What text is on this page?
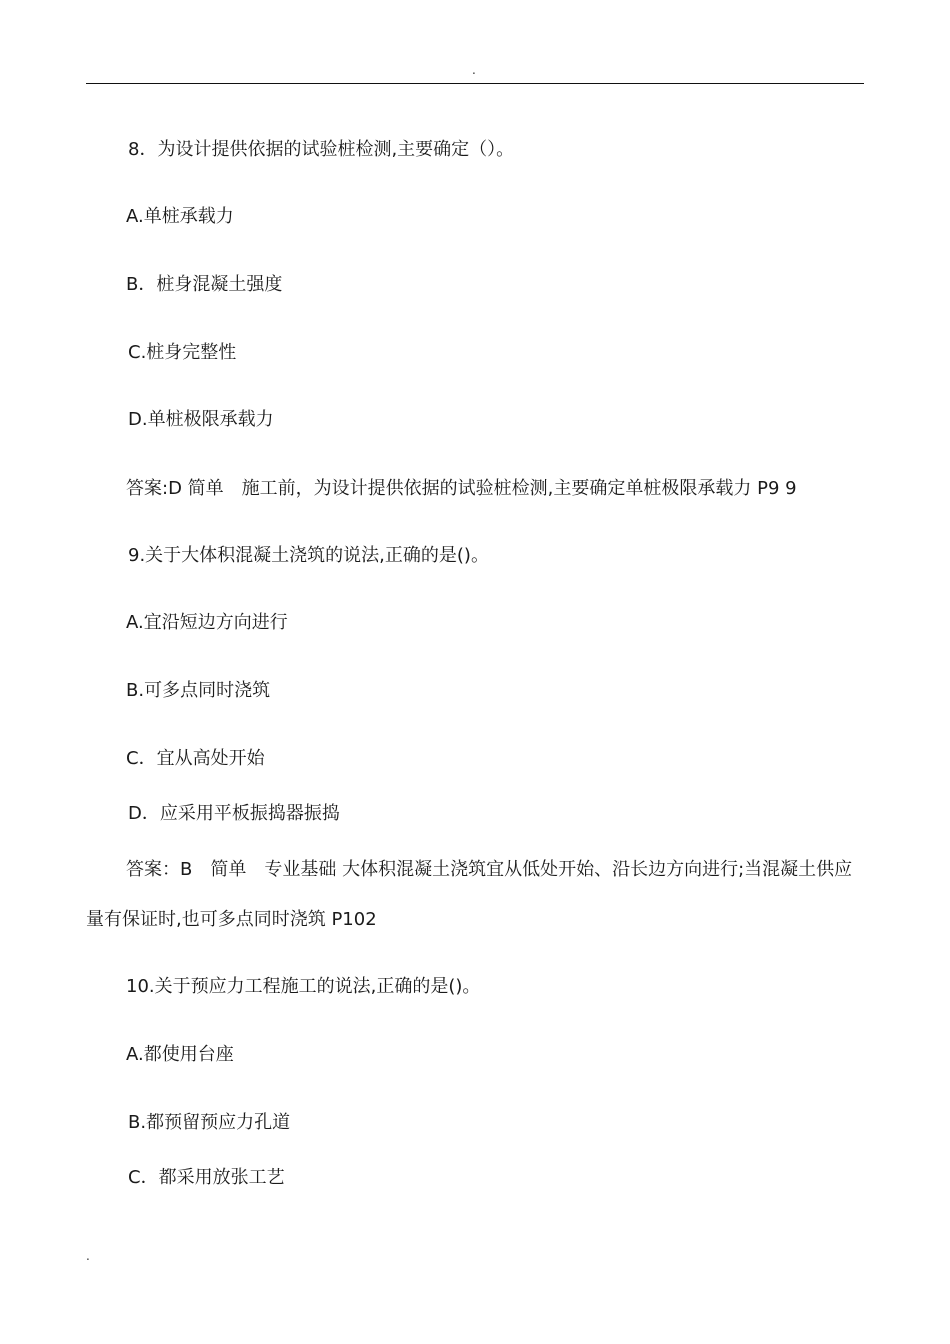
.
8．为设计提供依据的试验桩检测,主要确定（）。
A.单桩承载力
B．桩身混凝土强度
C.桩身完整性
D.单桩极限承载力
答案:D 简单　施工前，为设计提供依据的试验桩检测,主要确定单桩极限承载力 P9 9
9.关于大体积混凝土浇筑的说法,正确的是()。
A.宜沿短边方向进行
B.可多点同时浇筑
C．宜从高处开始
D．应采用平板振捣器振捣
答案：B　简单　专业基础 大体积混凝土浇筑宜从低处开始、沿长边方向进行;当混凝土供应量有保证时,也可多点同时浇筑 P102
10.关于预应力工程施工的说法,正确的是()。
A.都使用台座
B.都预留预应力孔道
C．都采用放张工艺
.
